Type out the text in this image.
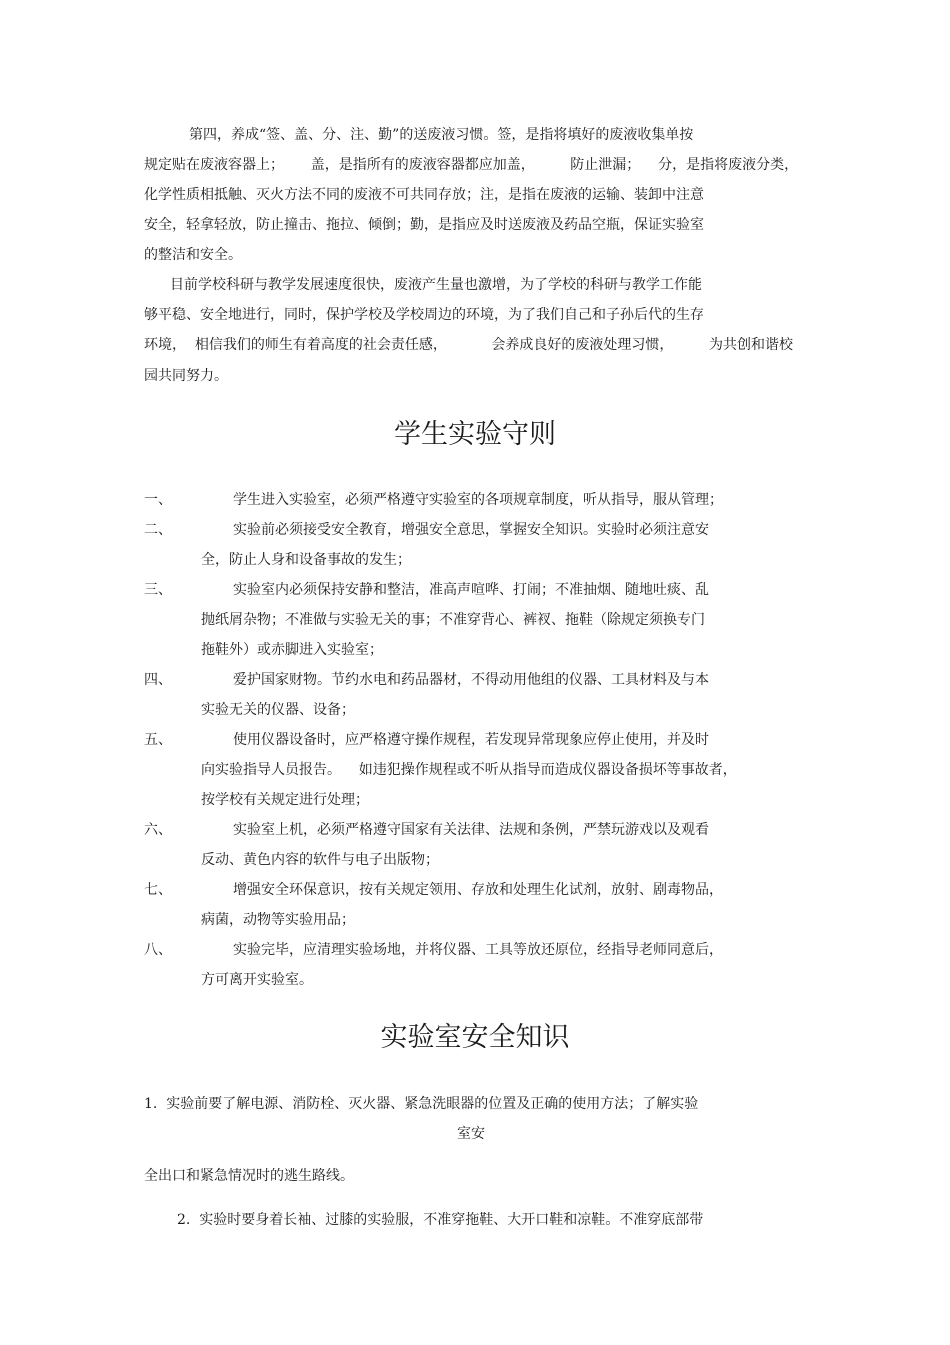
第四，养成“签、盖、分、注、勤”的送废液习惯。签，是指将填好的废液收集单按
规定贴在废液容器上；      盖，是指所有的废液容器都应加盖，        防止泄漏；    分，是指将废液分类，
化学性质相抵触、灭火方法不同的废液不可共同存放；注，是指在废液的运输、装卸中注意
安全，轻拿轻放，防止撞击、拖拉、倾倒；勤，是指应及时送废液及药品空瓶，保证实验室
的整洁和安全。
目前学校科研与教学发展速度很快，废液产生量也激增，为了学校的科研与教学工作能
够平稳、安全地进行，同时，保护学校及学校周边的环境，为了我们自己和子孙后代的生存
环境，  相信我们的师生有着高度的社会责任感，          会养成良好的废液处理习惯，        为共创和谐校
园共同努力。
学生实验守则
一、	学生进入实验室，必须严格遵守实验室的各项规章制度，听从指导，服从管理；
二、	实验前必须接受安全教育，增强安全意思，掌握安全知识。实验时必须注意安
全，防止人身和设备事故的发生；
三、	实验室内必须保持安静和整洁，准高声喧哗、打闹；不准抽烟、随地吐痰、乱
抛纸屑杂物；不准做与实验无关的事；不准穿背心、裤衩、拖鞋（除规定须换专门
拖鞋外）或赤脚进入实验室；
四、	爱护国家财物。节约水电和药品器材，不得动用他组的仪器、工具材料及与本
实验无关的仪器、设备；
五、	使用仪器设备时，应严格遵守操作规程，若发现异常现象应停止使用，并及时
向实验指导人员报告。    如违犯操作规程或不听从指导而造成仪器设备损坏等事故者，
按学校有关规定进行处理；
六、	实验室上机，必须严格遵守国家有关法律、法规和条例，严禁玩游戏以及观看
反动、黄色内容的软件与电子出版物；
七、	增强安全环保意识，按有关规定领用、存放和处理生化试剂，放射、剧毒物品，
病菌，动物等实验用品；
八、	实验完毕，应清理实验场地，并将仪器、工具等放还原位，经指导老师同意后，
方可离开实验室。
实验室安全知识
1.  实验前要了解电源、消防栓、灭火器、紧急洗眼器的位置及正确的使用方法；了解实验
室安
全出口和紧急情况时的逃生路线。
2.  实验时要身着长袖、过膝的实验服，不准穿拖鞋、大开口鞋和凉鞋。不准穿底部带
